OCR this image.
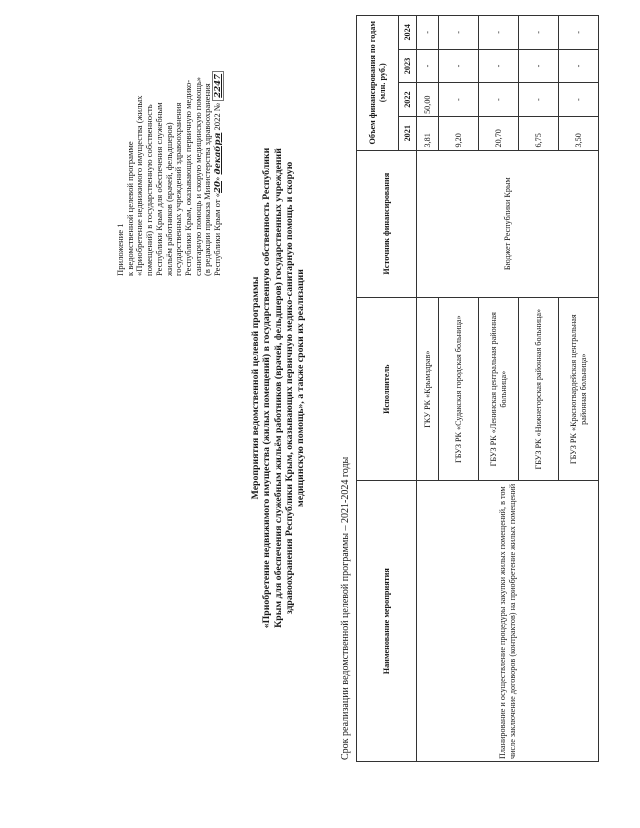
Приложение 1 к ведомственной целевой программе «Приобретение недвижимого имущества (жилых помещений) в государственную собственность Республики Крым для обеспечения служебным жильём работников (врачей, фельдшеров) государственных учреждений здравоохранения Республики Крым, оказывающих первичную медико- санитарную помощь и скорую медицинскую помощь» (в редакции приказа Министерства здравоохранения Республики Крым от «20» декабря 2022 № 2247
Мероприятия ведомственной целевой программы «Приобретение недвижимого имущества (жилых помещений) в государственную собственность Республики Крым для обеспечения служебным жильём работников (врачей, фельдшеров) государственных учреждений здравоохранения Республики Крым, оказывающих первичную медико-санитарную помощь и скорую медицинскую помощь», а также сроки их реализации
Срок реализации ведомственной целевой программы – 2021-2024 годы	Наименование мероприятия	Исполнитель	Источник финансирования	Объем финансирования по годам (млн. руб.)			
			2021	2022	2023	2024
Планирование и осуществление процедуры закупки жилых помещений, в том числе заключение договоров (контрактов) на приобретение жилых помещений	ГКУ РК «Крымздрав»	Бюджет Республики Крым	3,81	50,00	-	-
	ГБУЗ РК «Судакская городская больница»		9,20	-	-	-
	ГБУЗ РК «Ленинская центральная районная больница»		20,70	-	-	-
	ГБУЗ РК «Нижнегорская районная больница»		6,75	-	-	-
	ГБУЗ РК «Красногвардейская центральная районная больница»		3,50	-	-	-
